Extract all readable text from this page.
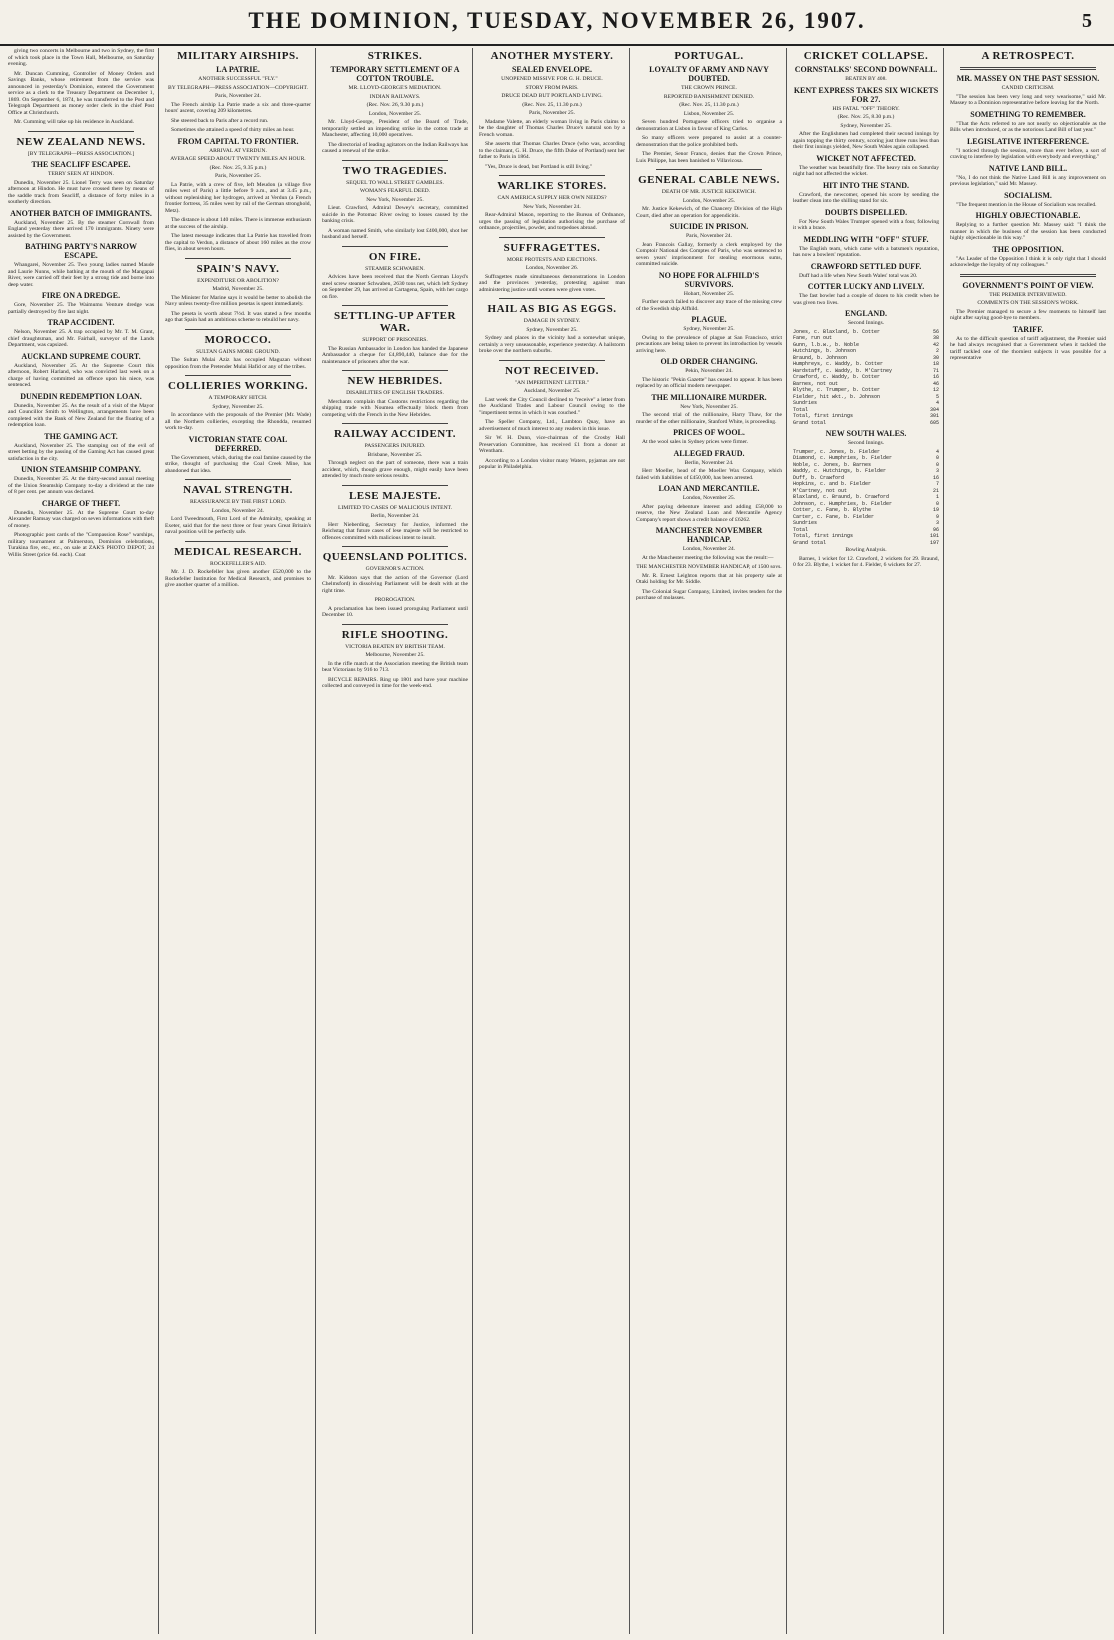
THE DOMINION, TUESDAY, NOVEMBER 26, 1907.	5

giving two concerts in Melbourne and two in Sydney, the first of which took place in the Town Hall, Melbourne, on Saturday evening.

Mr. Duncan Cumming, Controller of Money Orders and Savings Banks, whose retirement from the service was announced in yesterday's Dominion, entered the Government service as a clerk to the Treasury Department on December 1, 1869. On September 6, 1874, he was transferred to the Post and Telegraph Department as money order clerk in the chief Post Office at Christchurch.

Mr. Cumming will take up his residence in Auckland.

NEW ZEALAND NEWS.
[BY TELEGRAPH—PRESS ASSOCIATION.]
THE SEACLIFF ESCAPEE.
TERRY SEEN AT HINDON.

Dunedin, November 25. Lionel Terry was seen on Saturday afternoon at Hindon. He must have crossed there by means of the saddle track from Seacliff, a distance of forty miles in a southerly direction.

ANOTHER BATCH OF IMMIGRANTS.

Auckland, November 25. By the steamer Cornwall from England yesterday there arrived 170 immigrants. Ninety were assisted by the Government.

BATHING PARTY'S NARROW ESCAPE.

Whangarei, November 25. Two young ladies named Maude and Laurie Nunns, while bathing at the mouth of the Mangapai River, were carried off their feet by a strong tide and borne into deep water.

FIRE ON A DREDGE.

Gore, November 25. The Waimumu Venture dredge was partially destroyed by fire last night.

TRAP ACCIDENT.

Nelson, November 25. A trap occupied by Mr. T. M. Grant, chief draughtsman, and Mr. Fairhall, surveyor of the Lands Department, was capsized.

AUCKLAND SUPREME COURT.

Auckland, November 25. At the Supreme Court this afternoon, Robert Harland, who was convicted last week on a charge of having committed an offence upon his niece, was sentenced.

DUNEDIN REDEMPTION LOAN.

Dunedin, November 25. As the result of a visit of the Mayor and Councillor Smith to Wellington, arrangements have been completed with the Bank of New Zealand for the floating of a redemption loan.

THE GAMING ACT.

Auckland, November 25. The stamping out of the evil of street betting by the passing of the Gaming Act has caused great satisfaction in the city.

UNION STEAMSHIP COMPANY.

Dunedin, November 25. At the thirty-second annual meeting of the Union Steamship Company to-day a dividend at the rate of 8 per cent. per annum was declared.

CHARGE OF THEFT.

Dunedin, November 25. At the Supreme Court to-day Alexander Ramsay was charged on seven informations with theft of money.

Photographic post cards of the "Compassion Rose" warships, military tournament at Palmerston, Dominion celebrations, Turakina fire, etc., etc., on sale at ZAK'S PHOTO DEPOT, 24 Willis Street (price 6d. each). Coat

MILITARY AIRSHIPS.
LA PATRIE.
ANOTHER SUCCESSFUL "FLY."
BY TELEGRAPH—PRESS ASSOCIATION—COPYRIGHT.
Paris, November 24.

The French airship La Patrie made a six and three-quarter hours' ascent, covering 209 kilometres.

She steered back to Paris after a record run.

Sometimes she attained a speed of thirty miles an hour.

FROM CAPITAL TO FRONTIER.
ARRIVAL AT VERDUN.
AVERAGE SPEED ABOUT TWENTY MILES AN HOUR.
(Rec. Nov. 25, 9.35 p.m.)
Paris, November 25.

La Patrie, with a crew of five, left Meudon (a village five miles west of Paris) a little before 9 a.m., and at 3.45 p.m., without replenishing her hydrogen, arrived at Verdun (a French frontier fortress, 35 miles west by rail of the German stronghold, Metz).

The distance is about 140 miles. There is immense enthusiasm at the success of the airship.

The latest message indicates that La Patrie has travelled from the capital to Verdun, a distance of about 160 miles as the crow flies, in about seven hours.

SPAIN'S NAVY.
EXPENDITURE OR ABOLITION?
Madrid, November 25.

The Minister for Marine says it would be better to abolish the Navy unless twenty-five million pesetas is spent immediately.

The pesetа is worth about 7½d. It was stated a few months ago that Spain had an ambitious scheme to rebuild her navy.

MOROCCO.
SULTAN GAINS MORE GROUND.

The Sultan Mulai Aziz has occupied Maguzan without opposition from the Pretender Mulai Hafid or any of the tribes.

COLLIERIES WORKING.
A TEMPORARY HITCH.
Sydney, November 25.

In accordance with the proposals of the Premier (Mr. Wade) all the Northern collieries, excepting the Rhondda, resumed work to-day.

VICTORIAN STATE COAL DEFERRED.

The Government, which, during the coal famine caused by the strike, thought of purchasing the Coal Creek Mine, has abandoned that idea.

NAVAL STRENGTH.
REASSURANCE BY THE FIRST LORD.
London, November 24.

Lord Tweedmouth, First Lord of the Admiralty, speaking at Exeter, said that for the next three or four years Great Britain's naval position will be perfectly safe.

MEDICAL RESEARCH.
ROCKEFELLER'S AID.

Mr. J. D. Rockefeller has given another £520,000 to the Rockefeller Institution for Medical Research, and promises to give another quarter of a million.

STRIKES.
TEMPORARY SETTLEMENT OF A COTTON TROUBLE.
MR. LLOYD-GEORGE'S MEDIATION.
INDIAN RAILWAYS.
(Rec. Nov. 26, 9.30 p.m.)
London, November 25.

Mr. Lloyd-George, President of the Board of Trade, temporarily settled an impending strike in the cotton trade at Manchester, affecting 10,000 operatives.

The directorial of leading agitators on the Indian Railways has caused a renewal of the strike.

TWO TRAGEDIES.
SEQUEL TO WALL STREET GAMBLES.
WOMAN'S FEARFUL DEED.
New York, November 25.

Lieut. Crawford, Admiral Dewey's secretary, committed suicide in the Potomac River owing to losses caused by the banking crisis.

A woman named Smith, who similarly lost £400,000, shot her husband and herself.

ON FIRE.
STEAMER SCHWABEN.

Advices have been received that the North German Lloyd's steel screw steamer Schwaben, 2630 tons net, which left Sydney on September 29, has arrived at Cartagena, Spain, with her cargo on fire.

SETTLING-UP AFTER WAR.
SUPPORT OF PRISONERS.

The Russian Ambassador in London has handed the Japanese Ambassador a cheque for £4,890,440, balance due for the maintenance of prisoners after the war.

NEW HEBRIDES.
DISABILITIES OF ENGLISH TRADERS.

Merchants complain that Customs restrictions regarding the shipping trade with Noumea effectually block them from competing with the French in the New Hebrides.

RAILWAY ACCIDENT.
PASSENGERS INJURED.
Brisbane, November 25.

Through neglect on the part of someone, there was a train accident, which, though grave enough, might easily have been attended by much more serious results.

LESE MAJESTE.
LIMITED TO CASES OF MALICIOUS INTENT.
Berlin, November 24.

Herr Nieberding, Secretary for Justice, informed the Reichstag that future cases of lese majeste will be restricted to offences committed with malicious intent to insult.

QUEENSLAND POLITICS.
GOVERNOR'S ACTION.

Mr. Kidston says that the action of the Governor (Lord Chelmsford) in dissolving Parliament will be dealt with at the right time.

PROROGATION.

A proclamation has been issued proroguing Parliament until December 10.

RIFLE SHOOTING.
VICTORIA BEATEN BY BRITISH TEAM.
Melbourne, November 25.

In the rifle match at the Association meeting the British team beat Victorians by 916 to 713.

BICYCLE REPAIRS. Ring up 1801 and have your machine collected and conveyed in time for the week-end.

ANOTHER MYSTERY.
SEALED ENVELOPE.
UNOPENED MISSIVE FOR G. H. DRUCE.
STORY FROM PARIS.
DRUCE DEAD BUT PORTLAND LIVING.
(Rec. Nov. 25, 11.30 p.m.)
Paris, November 25.

Madame Valette, an elderly woman living in Paris claims to be the daughter of Thomas Charles Druce's natural son by a French woman.

She asserts that Thomas Charles Druce (who was, according to the claimant, G. H. Druce, the fifth Duke of Portland) sent her father to Paris in 1864.

"Yes, Druce is dead, but Portland is still living."

WARLIKE STORES.
CAN AMERICA SUPPLY HER OWN NEEDS?
New York, November 24.

Rear-Admiral Mason, reporting to the Bureau of Ordnance, urges the passing of legislation authorising the purchase of ordnance, projectiles, powder, and torpedoes abroad.

SUFFRAGETTES.
MORE PROTESTS AND EJECTIONS.
London, November 26.

Suffragettes made simultaneous demonstrations in London and the provinces yesterday, protesting against man administering justice until women were given votes.

HAIL AS BIG AS EGGS.
DAMAGE IN SYDNEY.
Sydney, November 25.

Sydney and places in the vicinity had a somewhat unique, certainly a very unseasonable, experience yesterday. A hailstorm broke over the northern suburbs.

NOT RECEIVED.
"AN IMPERTINENT LETTER."
Auckland, November 25.

Last week the City Council declined to "receive" a letter from the Auckland Trades and Labour Council owing to the "impertinent terms in which it was couched."

The Speller Company, Ltd., Lambton Quay, have an advertisement of much interest to any readers in this issue.

Sir W. H. Dunn, vice-chairman of the Crosby Hall Preservation Committee, has received £1 from a donor at Wrentham.

According to a London visitor many Waters, pyjamas are not popular in Philadelphia.

PORTUGAL.
LOYALTY OF ARMY AND NAVY DOUBTED.
THE CROWN PRINCE.
REPORTED BANISHMENT DENIED.
(Rec. Nov. 25, 11.30 p.m.)
Lisbon, November 25.

Seven hundred Portuguese officers tried to organise a demonstration at Lisbon in favour of King Carlos.

So many officers were prepared to assist at a counter-demonstration that the police prohibited both.

The Premier, Senor Franco, denies that the Crown Prince, Luis Philippe, has been banished to Villavicosa.

GENERAL CABLE NEWS.
DEATH OF MR. JUSTICE KEKEWICH.
London, November 25.

Mr. Justice Kekewich, of the Chancery Division of the High Court, died after an operation for appendicitis.

SUICIDE IN PRISON.
Paris, November 24.

Jean Francois Gallay, formerly a clerk employed by the Comptoir National des Comptes of Paris, who was sentenced to seven years' imprisonment for stealing enormous sums, committed suicide.

NO HOPE FOR ALFHILD'S SURVIVORS.
Hobart, November 25.

Further search failed to discover any trace of the missing crew of the Swedish ship Alfhild.

PLAGUE.
Sydney, November 25.

Owing to the prevalence of plague at San Francisco, strict precautions are being taken to prevent its introduction by vessels arriving here.

OLD ORDER CHANGING.
Pekin, November 24.

The historic "Pekin Gazette" has ceased to appear. It has been replaced by an official modern newspaper.

THE MILLIONAIRE MURDER.
New York, November 25.

The second trial of the millionaire, Harry Thaw, for the murder of the other millionaire, Stanford White, is proceeding.

PRICES OF WOOL.

At the wool sales in Sydney prices were firmer.

ALLEGED FRAUD.
Berlin, November 24.

Herr Moeller, head of the Moeller Wax Company, which failed with liabilities of £450,000, has been arrested.

LOAN AND MERCANTILE.
London, November 25.

After paying debenture interest and adding £58,000 to reserve, the New Zealand Loan and Mercantile Agency Company's report shows a credit balance of £6262.

MANCHESTER NOVEMBER HANDICAP.
London, November 24.

At the Manchester meeting the following was the result:—

THE MANCHESTER NOVEMBER HANDICAP, of 1500 sovs.

Mr. R. Ernest Leighton reports that at his property sale at Otaki holding for Mr. Siddle.

The Colonial Sugar Company, Limited, invites tenders for the purchase of molasses.

CRICKET COLLAPSE.
CORNSTALKS' SECOND DOWNFALL.
BEATEN BY 408.
KENT EXPRESS TAKES SIX WICKETS FOR 27.
HIS FATAL "OFF" THEORY.
(Rec. Nov. 25, 8.30 p.m.)
Sydney, November 25.

After the Englishmen had completed their second innings by again topping the thirty century, scoring just three runs less than their first innings yielded, New South Wales again collapsed.

WICKET NOT AFFECTED.

The weather was beautifully fine. The heavy rain on Saturday night had not affected the wicket.

HIT INTO THE STAND.

Crawford, the newcomer, opened his score by sending the leather clean into the shilling stand for six.

DOUBTS DISPELLED.

For New South Wales Trumper opened with a four, following it with a brace.

MEDDLING WITH "OFF" STUFF.

The English team, which came with a batsmen's reputation, has now a bowlers' reputation.

CRAWFORD SETTLED DUFF.

Duff had a life when New South Wales' total was 20.

COTTER LUCKY AND LIVELY.

The fast bowler had a couple of dozen to his credit when he was given two lives.

ENGLAND.
Second Innings.
Jones, c. Blaxland, b. Cotter	56
Fane, run out	38
Gunn, l.b.w., b. Noble	42
Hutchings, b. Johnson	2
Braund, b. Johnson	30
Humphreys, c. Waddy, b. Cotter	18
Hardstaff, c. Waddy, b. M'Cartney	71
Crawford, c. Waddy, b. Cotter	16
Barnes, not out	46
Blythe, c. Trumper, b. Cotter	12
Fielder, hit wkt., b. Johnson	5
Sundries	4
Total	304
Total, first innings	301
Grand total	605
NEW SOUTH WALES.
Second Innings.
Trumper, c. Jones, b. Fielder	4
Diamond, c. Humphries, b. Fielder	0
Noble, c. Jones, b. Barnes	0
Waddy, c. Hutchings, b. Fielder	3
Duff, b. Crawford	16
Hopkins, c. and b. Fielder	7
M'Cartney, not out	21
Blaxland, c. Braund, b. Crawford	1
Johnson, c. Humphries, b. Fielder	0
Cotter, c. Fane, b. Blythe	19
Carter, c. Fane, b. Fielder	9
Sundries	3
Total	96
Total, first innings	101
Grand total	197
Bowling Analysis.

Barnes, 1 wicket for 12. Crawford, 2 wickets for 29. Braund, 0 for 23. Blythe, 1 wicket for 4. Fielder, 6 wickets for 27.

A RETROSPECT.
MR. MASSEY ON THE PAST SESSION.
CANDID CRITICISM.

"The session has been very long and very wearisome," said Mr. Massey to a Dominion representative before leaving for the North.

SOMETHING TO REMEMBER.

"That the Acts referred to are not nearly so objectionable as the Bills when introduced, or as the notorious Land Bill of last year."

LEGISLATIVE INTERFERENCE.

"I noticed through the session, more than ever before, a sort of craving to interfere by legislation with everybody and everything."

NATIVE LAND BILL.

"No, I do not think the Native Land Bill is any improvement on previous legislation," said Mr. Massey.

SOCIALISM.

"The frequent mention in the House of Socialism was recalled.

HIGHLY OBJECTIONABLE.

Replying to a further question Mr. Massey said: "I think the manner in which the business of the session has been conducted highly objectionable in this way."

THE OPPOSITION.

"As Leader of the Opposition I think it is only right that I should acknowledge the loyalty of my colleagues."

GOVERNMENT'S POINT OF VIEW.
THE PREMIER INTERVIEWED.
COMMENTS ON THE SESSION'S WORK.

The Premier managed to secure a few moments to himself last night after saying good-bye to members.

TARIFF.

As to the difficult question of tariff adjustment, the Premier said he had always recognised that a Government when it tackled the tariff tackled one of the thorniest subjects it was possible for a representative
